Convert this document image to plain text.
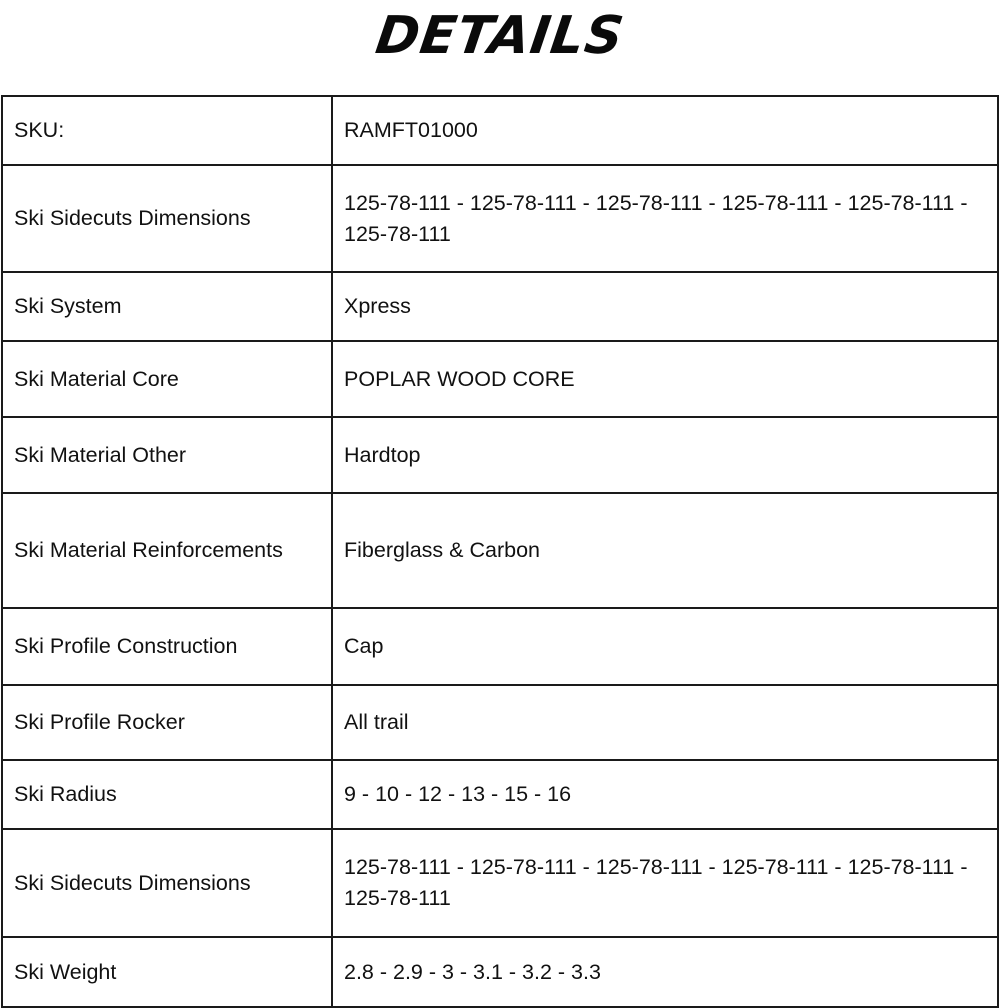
DETAILS
SKU:	RAMFT01000
Ski Sidecuts Dimensions	125-78-111 - 125-78-111 - 125-78-111 - 125-78-111 - 125-78-111 - 125-78-111
Ski System	Xpress
Ski Material Core	POPLAR WOOD CORE
Ski Material Other	Hardtop
Ski Material Reinforcements	Fiberglass & Carbon
Ski Profile Construction	Cap
Ski Profile Rocker	All trail
Ski Radius	9 - 10 - 12 - 13 - 15 - 16
Ski Sidecuts Dimensions	125-78-111 - 125-78-111 - 125-78-111 - 125-78-111 - 125-78-111 - 125-78-111
Ski Weight	2.8 - 2.9 - 3 - 3.1 - 3.2 - 3.3
